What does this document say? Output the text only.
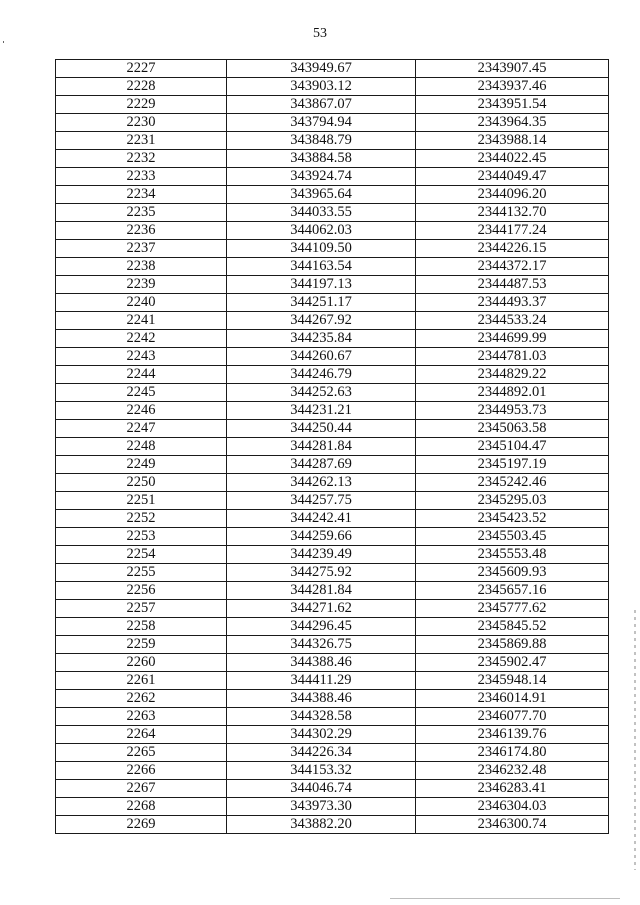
53
2227	343949.67	2343907.45
2228	343903.12	2343937.46
2229	343867.07	2343951.54
2230	343794.94	2343964.35
2231	343848.79	2343988.14
2232	343884.58	2344022.45
2233	343924.74	2344049.47
2234	343965.64	2344096.20
2235	344033.55	2344132.70
2236	344062.03	2344177.24
2237	344109.50	2344226.15
2238	344163.54	2344372.17
2239	344197.13	2344487.53
2240	344251.17	2344493.37
2241	344267.92	2344533.24
2242	344235.84	2344699.99
2243	344260.67	2344781.03
2244	344246.79	2344829.22
2245	344252.63	2344892.01
2246	344231.21	2344953.73
2247	344250.44	2345063.58
2248	344281.84	2345104.47
2249	344287.69	2345197.19
2250	344262.13	2345242.46
2251	344257.75	2345295.03
2252	344242.41	2345423.52
2253	344259.66	2345503.45
2254	344239.49	2345553.48
2255	344275.92	2345609.93
2256	344281.84	2345657.16
2257	344271.62	2345777.62
2258	344296.45	2345845.52
2259	344326.75	2345869.88
2260	344388.46	2345902.47
2261	344411.29	2345948.14
2262	344388.46	2346014.91
2263	344328.58	2346077.70
2264	344302.29	2346139.76
2265	344226.34	2346174.80
2266	344153.32	2346232.48
2267	344046.74	2346283.41
2268	343973.30	2346304.03
2269	343882.20	2346300.74
